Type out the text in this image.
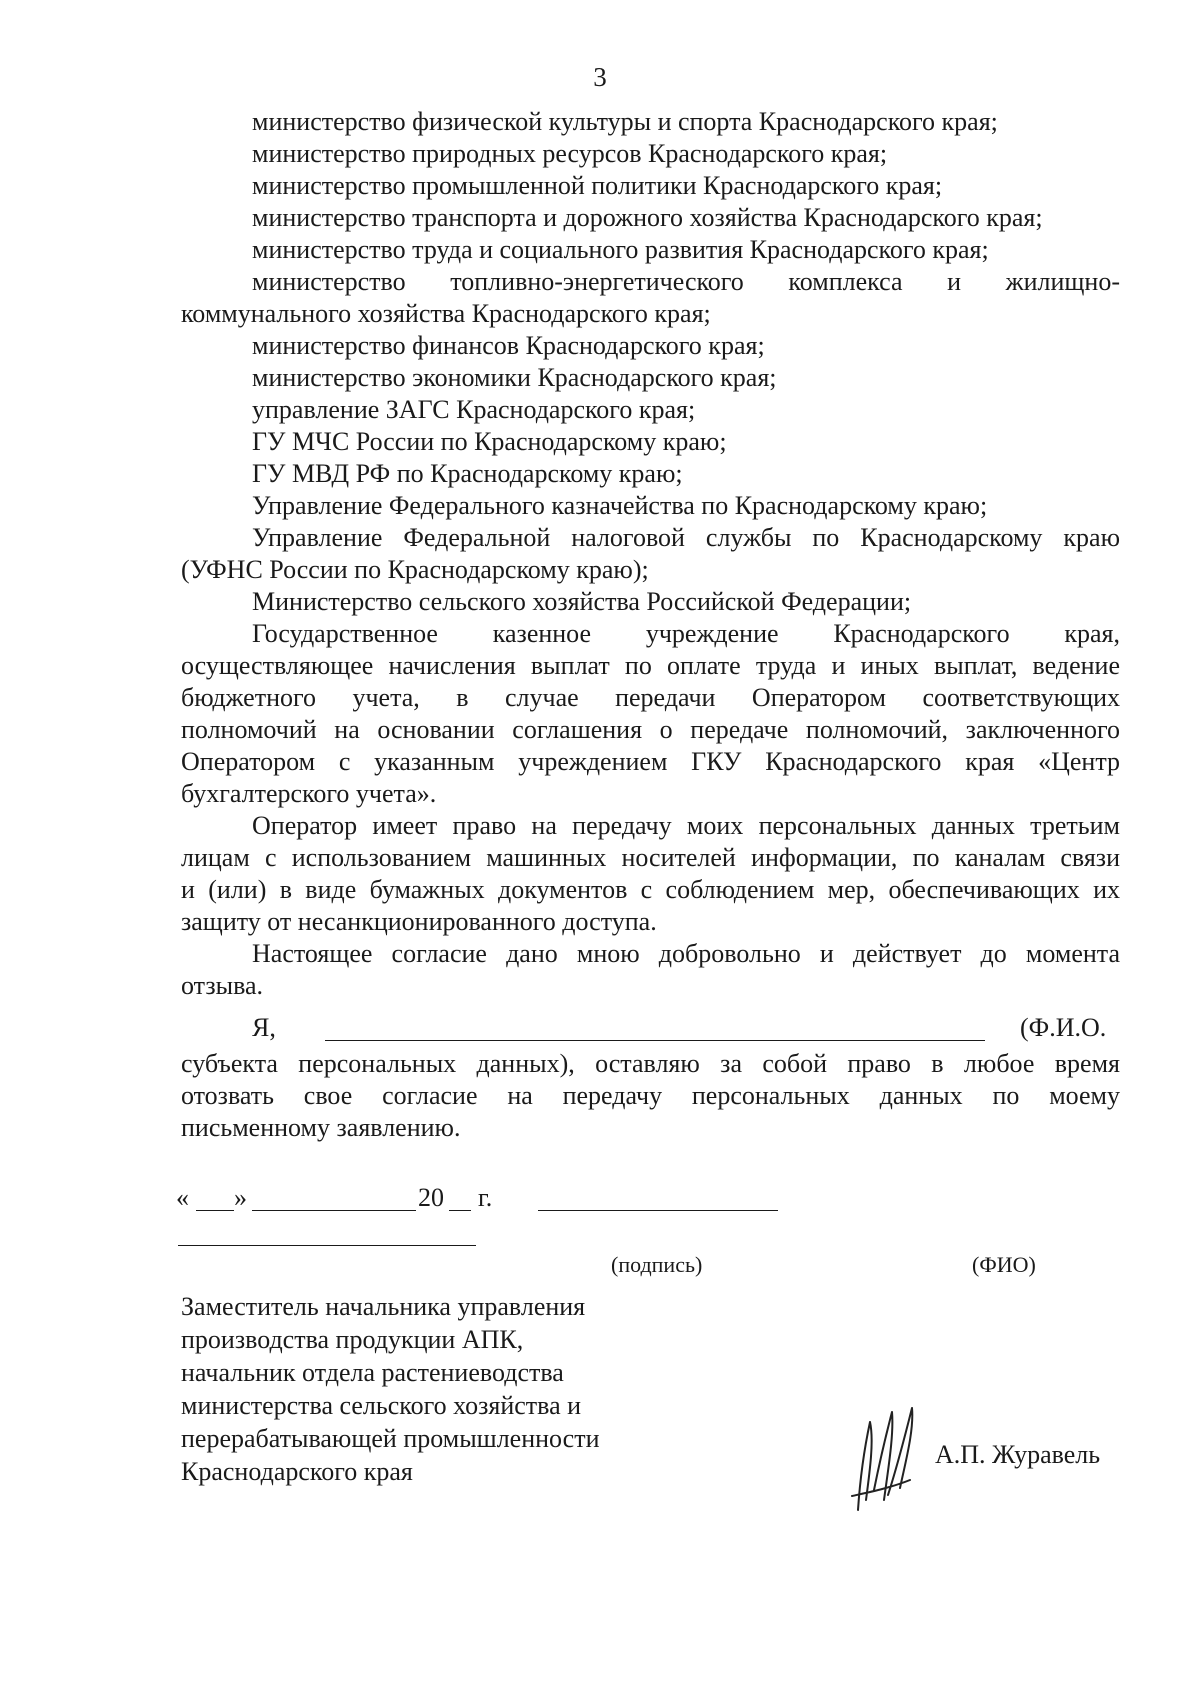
3
министерство физической культуры и спорта Краснодарского края;
министерство природных ресурсов Краснодарского края;
министерство промышленной политики Краснодарского края;
министерство транспорта и дорожного хозяйства Краснодарского края;
министерство труда и социального развития Краснодарского края;
министерство топливно-энергетического комплекса и жилищно-
коммунального хозяйства Краснодарского края;
министерство финансов Краснодарского края;
министерство экономики Краснодарского края;
управление ЗАГС Краснодарского края;
ГУ МЧС России по Краснодарскому краю;
ГУ МВД РФ по Краснодарскому краю;
Управление Федерального казначейства по Краснодарскому краю;
Управление Федеральной налоговой службы по Краснодарскому краю
(УФНС России по Краснодарскому краю);
Министерство сельского хозяйства Российской Федерации;
Государственное казенное учреждение Краснодарского края,
осуществляющее начисления выплат по оплате труда и иных выплат, ведение
бюджетного учета, в случае передачи Оператором соответствующих
полномочий на основании соглашения о передаче полномочий, заключенного
Оператором с указанным учреждением ГКУ Краснодарского края «Центр
бухгалтерского учета».
Оператор имеет право на передачу моих персональных данных третьим
лицам с использованием машинных носителей информации, по каналам связи
и (или) в виде бумажных документов с соблюдением мер, обеспечивающих их
защиту от несанкционированного доступа.
Настоящее согласие дано мною добровольно и действует до момента
отзыва.
Я,	(Ф.И.О.
субъекта персональных данных), оставляю за собой право в любое время
отозвать свое согласие на передачу персональных данных по моему
письменному заявлению.
« »	20 г.
(подпись)	(ФИО)
Заместитель начальника управления
производства продукции АПК,
начальник отдела растениеводства
министерства сельского хозяйства и
перерабатывающей промышленности
Краснодарского края
А.П. Журавель
